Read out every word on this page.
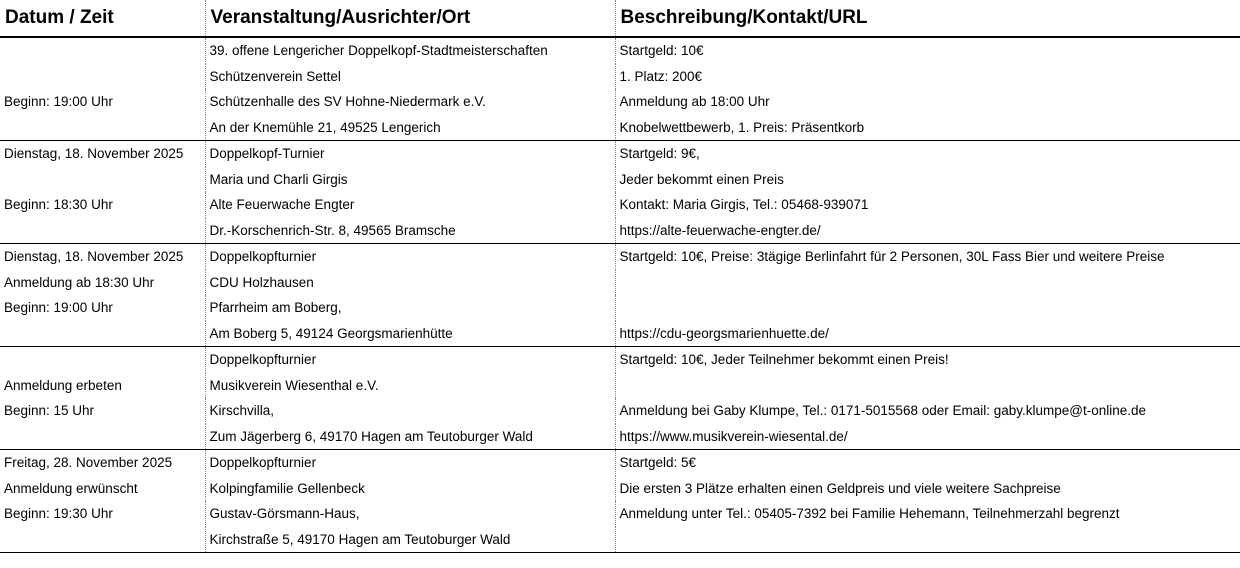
Datum / Zeit	Veranstaltung/Ausrichter/Ort	Beschreibung/Kontakt/URL
	39. offene Lengericher Doppelkopf-Stadtmeisterschaften	Startgeld: 10€
	Schützenverein Settel	1. Platz: 200€
Beginn: 19:00 Uhr	Schützenhalle des SV Hohne-Niedermark e.V.	Anmeldung ab 18:00 Uhr
	An der Knemühle 21, 49525 Lengerich	Knobelwettbewerb, 1. Preis: Präsentkorb
Dienstag, 18. November 2025	Doppelkopf-Turnier	Startgeld: 9€,
	Maria und Charli Girgis	Jeder bekommt einen Preis
Beginn: 18:30 Uhr	Alte Feuerwache Engter	Kontakt: Maria Girgis, Tel.: 05468-939071
	Dr.-Korschenrich-Str. 8, 49565 Bramsche	https://alte-feuerwache-engter.de/
Dienstag, 18. November 2025	Doppelkopfturnier	Startgeld: 10€, Preise: 3tägige Berlinfahrt für 2 Personen, 30L Fass Bier und weitere Preise
Anmeldung ab 18:30 Uhr	CDU Holzhausen	
Beginn: 19:00 Uhr	Pfarrheim am Boberg,	
	Am Boberg 5, 49124 Georgsmarienhütte	https://cdu-georgsmarienhuette.de/
	Doppelkopfturnier	Startgeld: 10€, Jeder Teilnehmer bekommt einen Preis!
Anmeldung erbeten	Musikverein Wiesenthal e.V.	
Beginn: 15 Uhr	Kirschvilla,	Anmeldung bei Gaby Klumpe, Tel.: 0171-5015568 oder Email: gaby.klumpe@t-online.de
	Zum Jägerberg 6, 49170 Hagen am Teutoburger Wald	https://www.musikverein-wiesental.de/
Freitag, 28. November 2025	Doppelkopfturnier	Startgeld: 5€
Anmeldung erwünscht	Kolpingfamilie Gellenbeck	Die ersten 3 Plätze erhalten einen Geldpreis und viele weitere Sachpreise
Beginn: 19:30 Uhr	Gustav-Görsmann-Haus,	Anmeldung unter Tel.: 05405-7392 bei Familie Hehemann, Teilnehmerzahl begrenzt
	Kirchstraße 5, 49170 Hagen am Teutoburger Wald	
